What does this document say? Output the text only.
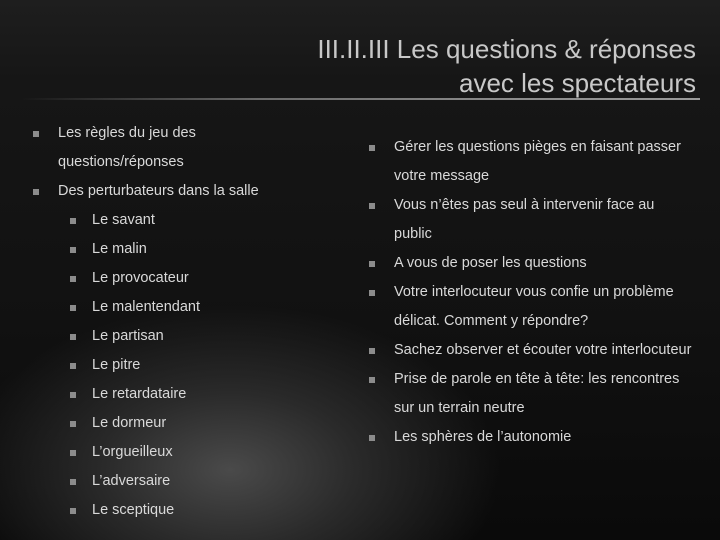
III.II.III Les questions & réponses
avec les spectateurs
Les règles du jeu des questions/réponses
Des perturbateurs dans la salle
Le savant
Le malin
Le provocateur
Le malentendant
Le partisan
Le pitre
Le retardataire
Le dormeur
L’orgueilleux
L’adversaire
Le sceptique
Gérer les questions pièges en faisant passer votre message
Vous n’êtes pas seul à intervenir face au public
A vous de poser les questions
Votre interlocuteur vous confie un problème délicat. Comment y répondre?
Sachez observer et écouter votre interlocuteur
Prise de parole en tête à tête: les rencontres sur un terrain neutre
Les sphères de l’autonomie
